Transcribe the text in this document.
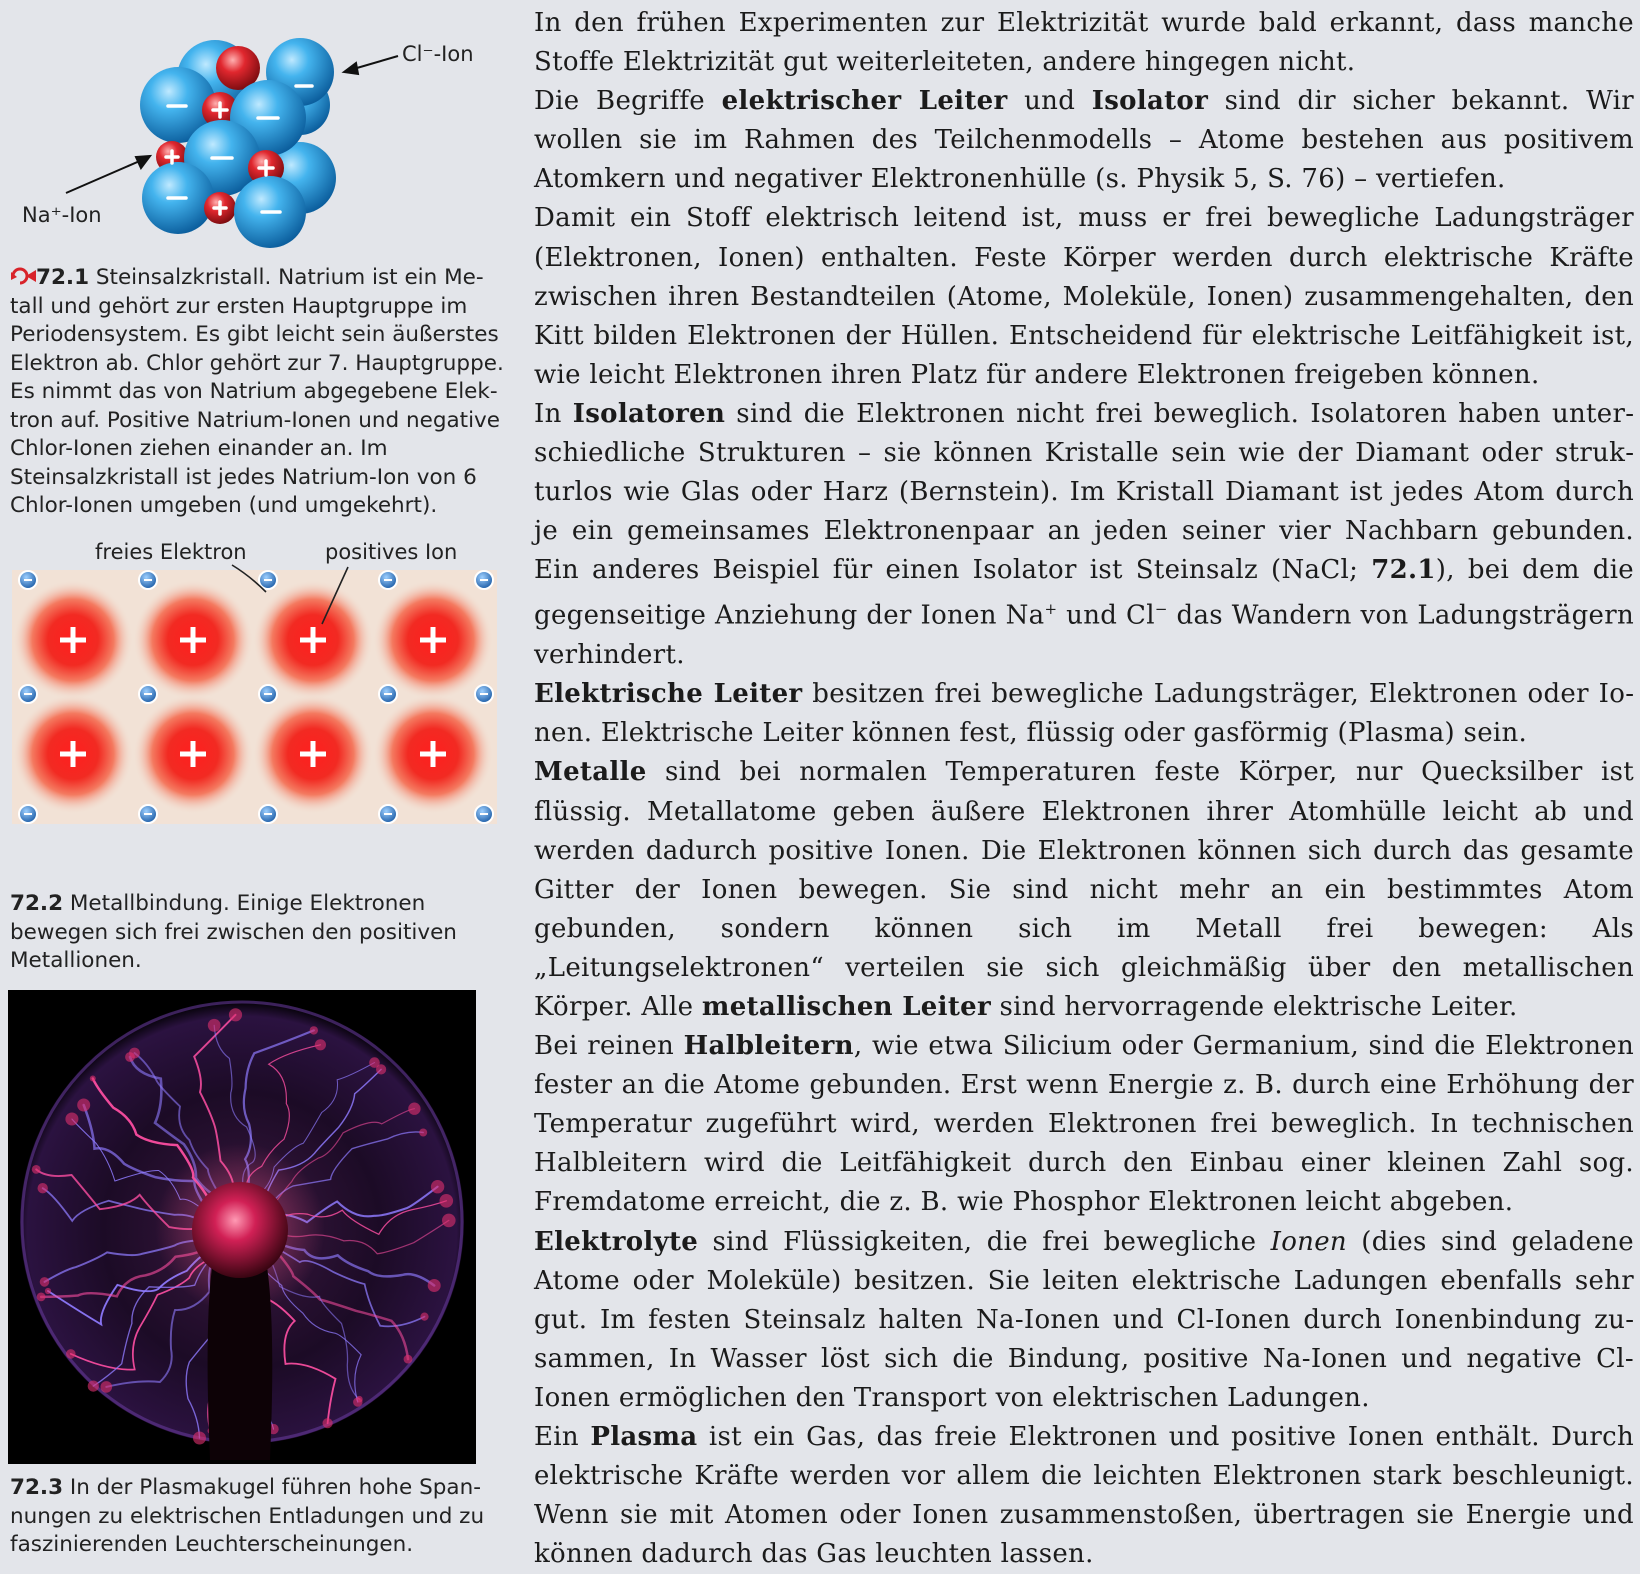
Cl⁻-Ion
Na⁺-Ion
72.1 Steinsalzkristall. Natrium ist ein Metall und gehört zur ersten Hauptgruppe im Periodensystem. Es gibt leicht sein äußerstes Elektron ab. Chlor gehört zur 7. Hauptgruppe. Es nimmt das von Natrium abgegebene Elektron auf. Positive Natrium-Ionen und negative Chlor-Ionen ziehen einander an. Im Steinsalzkristall ist jedes Natrium-Ion von 6 Chlor-Ionen umgeben (und umgekehrt).
freies Elektron	positives Ion
72.2 Metallbindung. Einige Elektronen bewegen sich frei zwischen den positiven Metallionen.
72.3 In der Plasmakugel führen hohe Spannungen zu elektrischen Entladungen und zu faszinierenden Leuchterscheinungen.

In den frühen Experimenten zur Elektrizität wurde bald erkannt, dass manche Stoffe Elektrizität gut weiterleiteten, andere hingegen nicht.

Die Begriffe elektrischer Leiter und Isolator sind dir sicher bekannt. Wir wollen sie im Rahmen des Teilchenmodells – Atome bestehen aus positivem Atomkern und negativer Elektronenhülle (s. Physik 5, S. 76) – vertiefen.

Damit ein Stoff elektrisch leitend ist, muss er frei bewegliche Ladungsträger (Elektronen, Ionen) enthalten. Feste Körper werden durch elektrische Kräfte zwischen ihren Bestandteilen (Atome, Moleküle, Ionen) zusammengehalten, den Kitt bilden Elektronen der Hüllen. Entscheidend für elektrische Leitfähigkeit ist, wie leicht Elektronen ihren Platz für andere Elektronen freigeben können.

In Isolatoren sind die Elektronen nicht frei beweglich. Isolatoren haben unterschiedliche Strukturen – sie können Kristalle sein wie der Diamant oder strukturlos wie Glas oder Harz (Bernstein). Im Kristall Diamant ist jedes Atom durch je ein gemeinsames Elektronenpaar an jeden seiner vier Nachbarn gebunden. Ein anderes Beispiel für einen Isolator ist Steinsalz (NaCl; 72.1), bei dem die gegenseitige Anziehung der Ionen Na+ und Cl− das Wandern von Ladungsträgern verhindert.

Elektrische Leiter besitzen frei bewegliche Ladungsträger, Elektronen oder Ionen. Elektrische Leiter können fest, flüssig oder gasförmig (Plasma) sein.

Metalle sind bei normalen Temperaturen feste Körper, nur Quecksilber ist flüssig. Metallatome geben äußere Elektronen ihrer Atomhülle leicht ab und werden dadurch positive Ionen. Die Elektronen können sich durch das gesamte Gitter der Ionen bewegen. Sie sind nicht mehr an ein bestimmtes Atom gebunden, sondern können sich im Metall frei bewegen: Als „Leitungselektronen“ verteilen sie sich gleichmäßig über den metallischen Körper. Alle metallischen Leiter sind hervorragende elektrische Leiter.

Bei reinen Halbleitern, wie etwa Silicium oder Germanium, sind die Elektronen fester an die Atome gebunden. Erst wenn Energie z. B. durch eine Erhöhung der Temperatur zugeführt wird, werden Elektronen frei beweglich. In technischen Halbleitern wird die Leitfähigkeit durch den Einbau einer kleinen Zahl sog. Fremdatome erreicht, die z. B. wie Phosphor Elektronen leicht abgeben.

Elektrolyte sind Flüssigkeiten, die frei bewegliche Ionen (dies sind geladene Atome oder Moleküle) besitzen. Sie leiten elektrische Ladungen ebenfalls sehr gut. Im festen Steinsalz halten Na-Ionen und Cl-Ionen durch Ionenbindung zusammen, In Wasser löst sich die Bindung, positive Na-Ionen und negative Cl-Ionen ermöglichen den Transport von elektrischen Ladungen.

Ein Plasma ist ein Gas, das freie Elektronen und positive Ionen enthält. Durch elektrische Kräfte werden vor allem die leichten Elektronen stark beschleunigt. Wenn sie mit Atomen oder Ionen zusammenstoßen, übertragen sie Energie und können dadurch das Gas leuchten lassen.
